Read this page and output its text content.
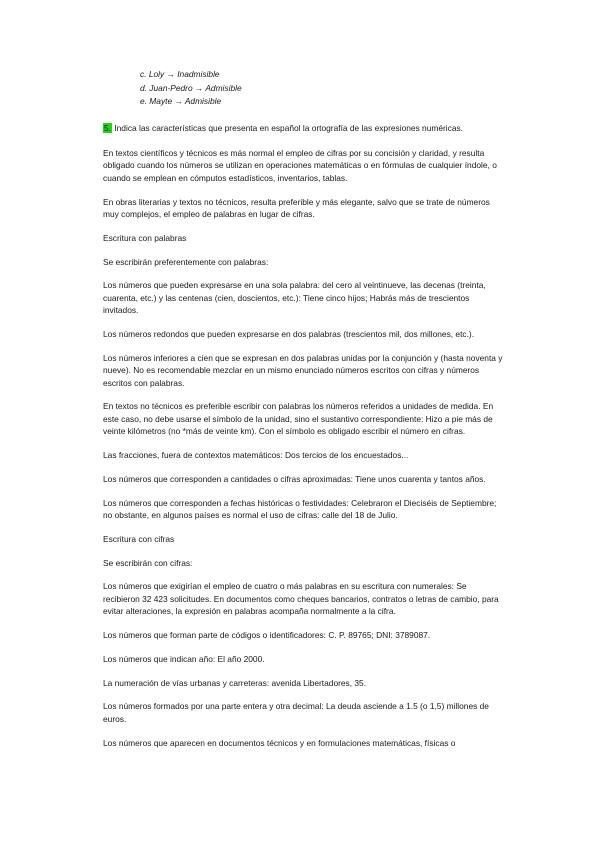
c. Loly → Inadmisible
d. Juan-Pedro → Admisible
e. Mayte → Admisible
5. Indica las características que presenta en español la ortografía de las expresiones numéricas.

En textos científicos y técnicos es más normal el empleo de cifras por su concisión y claridad, y resulta obligado cuando los números se utilizan en operaciones matemáticas o en fórmulas de cualquier índole, o cuando se emplean en cómputos estadísticos, inventarios, tablas.

En obras literarias y textos no técnicos, resulta preferible y más elegante, salvo que se trate de números muy complejos, el empleo de palabras en lugar de cifras.

Escritura con palabras

Se escribirán preferentemente con palabras:

Los números que pueden expresarse en una sola palabra: del cero al veintinueve, las decenas (treinta, cuarenta, etc.) y las centenas (cien, doscientos, etc.): Tiene cinco hijos; Habrás más de trescientos invitados.

Los números redondos que pueden expresarse en dos palabras (trescientos mil, dos millones, etc.).

Los números inferiores a cien que se expresan en dos palabras unidas por la conjunción y (hasta noventa y nueve). No es recomendable mezclar en un mismo enunciado números escritos con cifras y números escritos con palabras.

En textos no técnicos es preferible escribir con palabras los números referidos a unidades de medida. En este caso, no debe usarse el símbolo de la unidad, sino el sustantivo correspondiente: Hizo a pie más de veinte kilómetros (no *más de veinte km). Con el símbolo es obligado escribir el número en cifras.

Las fracciones, fuera de contextos matemáticos: Dos tercios de los encuestados...

Los números que corresponden a cantidades o cifras aproximadas: Tiene unos cuarenta y tantos años.

Los números que corresponden a fechas históricas o festividades: Celebraron el Dieciséis de Septiembre; no obstante, en algunos países es normal el uso de cifras: calle del 18 de Julio.

Escritura con cifras

Se escribirán con cifras:

Los números que exigirían el empleo de cuatro o más palabras en su escritura con numerales: Se recibieron 32 423 solicitudes. En documentos como cheques bancarios, contratos o letras de cambio, para evitar alteraciones, la expresión en palabras acompaña normalmente a la cifra.

Los números que forman parte de códigos o identificadores: C. P. 89765; DNI: 3789087.

Los números que indican año: El año 2000.

La numeración de vías urbanas y carreteras: avenida Libertadores, 35.

Los números formados por una parte entera y otra decimal: La deuda asciende a 1.5 (o 1,5) millones de euros.

Los números que aparecen en documentos técnicos y en formulaciones matemáticas, físicas o
